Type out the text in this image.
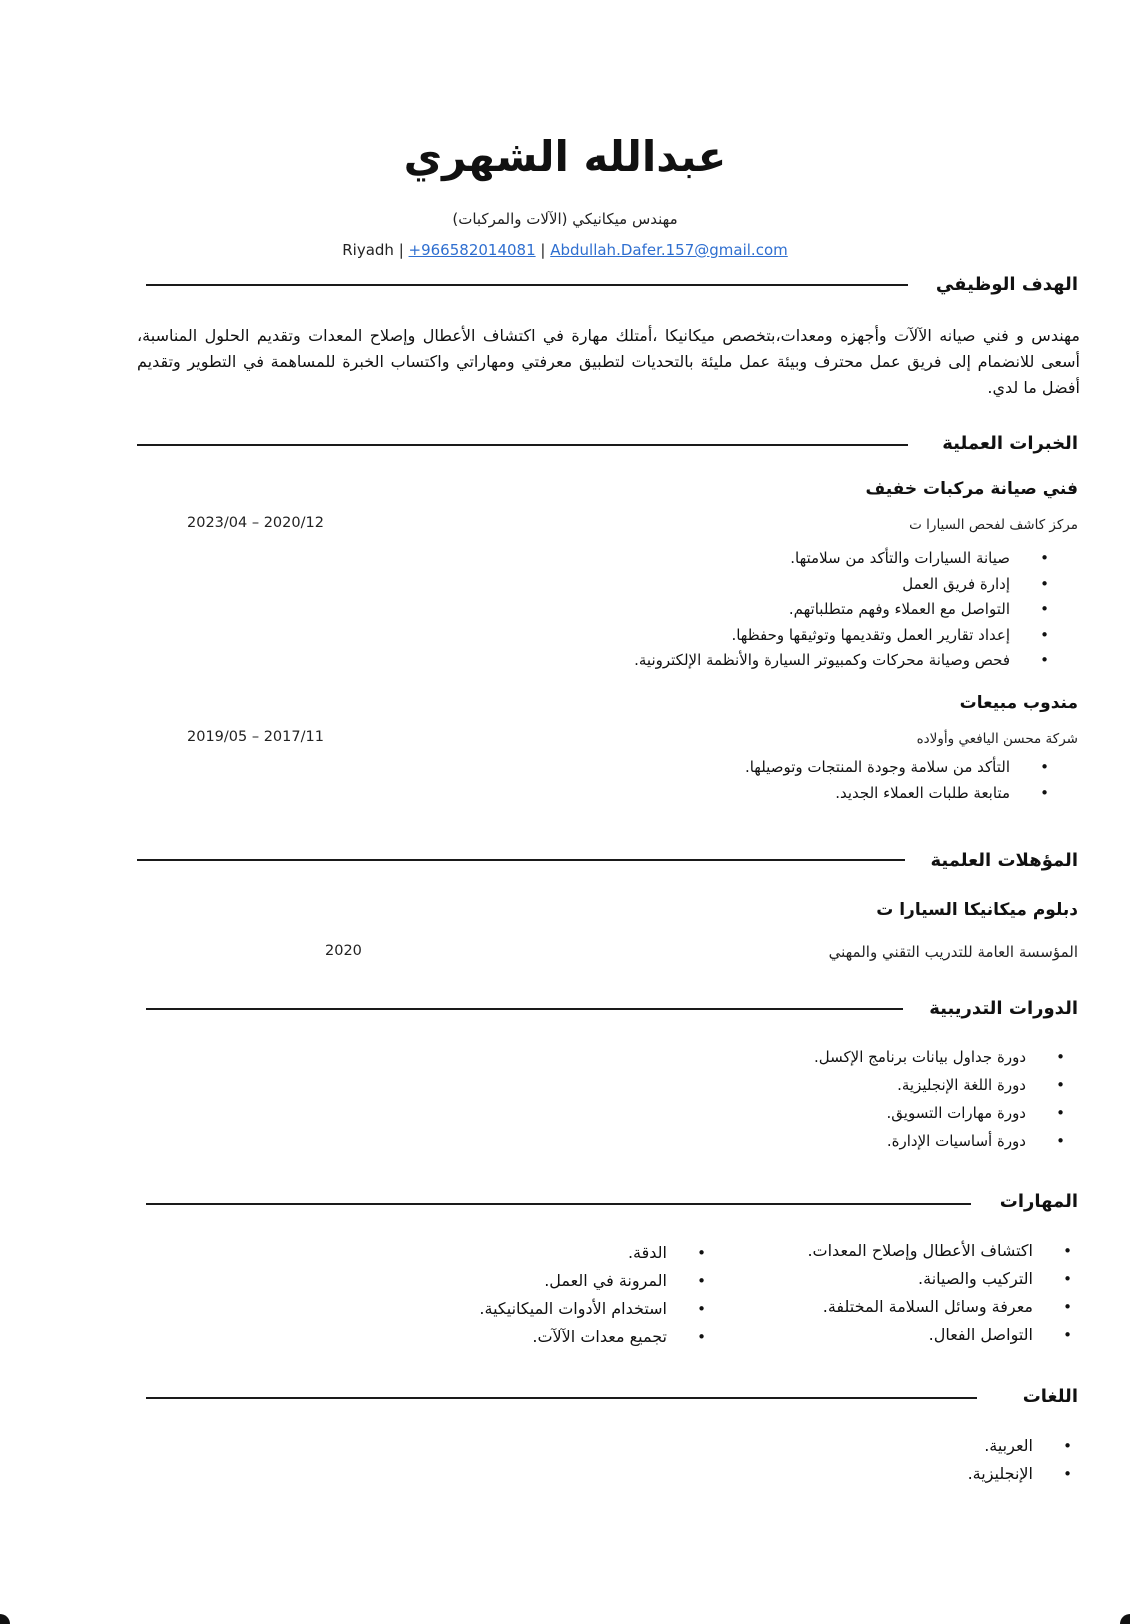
عبدالله الشهري
مهندس ميكانيكي (الآلات والمركبات)
Riyadh | +966582014081 | Abdullah.Dafer.157@gmail.com
الهدف الوظيفي
مهندس و فني صيانه الآلآت وأجهزه ومعدات،بتخصص ميكانيكا ،أمتلك مهارة في اكتشاف الأعطال وإصلاح المعدات وتقديم الحلول المناسبة، أسعى للانضمام إلى فريق عمل محترف وبيئة عمل مليئة بالتحديات لتطبيق معرفتي ومهاراتي واكتساب الخبرة للمساهمة في التطوير وتقديم أفضل ما لدي.
الخبرات العملية
فني صيانة مركبات خفيف
مركز كاشف لفحص السيارا ت
2023/04 – 2020/12
• صيانة السيارات والتأكد من سلامتها.
• إدارة فريق العمل
• التواصل مع العملاء وفهم متطلباتهم.
• إعداد تقارير العمل وتقديمها وتوثيقها وحفظها.
• فحص وصيانة محركات وكمبيوتر السيارة والأنظمة الإلكترونية.
مندوب مبيعات
شركة محسن اليافعي وأولاده
2019/05 – 2017/11
• التأكد من سلامة وجودة المنتجات وتوصيلها.
• متابعة طلبات العملاء الجديد.
المؤهلات العلمية
دبلوم ميكانيكا السيارا ت
المؤسسة العامة للتدريب التقني والمهني
2020
الدورات التدريبية
• دورة جداول بيانات برنامج الإكسل.
• دورة اللغة الإنجليزية.
• دورة مهارات التسويق.
• دورة أساسيات الإدارة.
المهارات
• اكتشاف الأعطال وإصلاح المعدات.
• التركيب والصيانة.
• معرفة وسائل السلامة المختلفة.
• التواصل الفعال.
• الدقة.
• المرونة في العمل.
• استخدام الأدوات الميكانيكية.
• تجميع معدات الآلآت.
اللغات
• العربية.
• الإنجليزية.
